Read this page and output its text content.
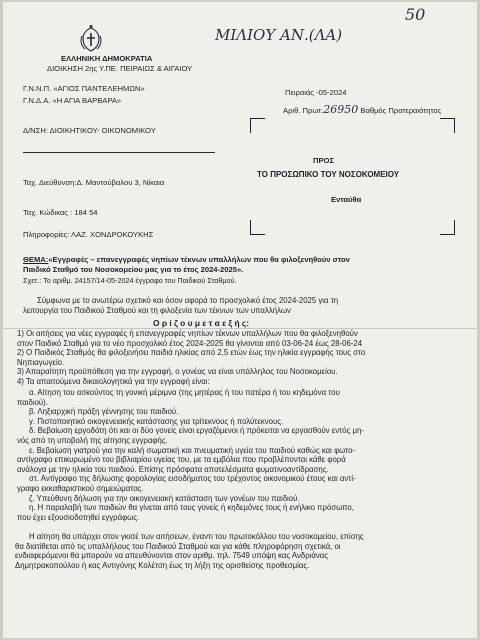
50
ΜΙΛΙΟΥ ΑΝ.(ΛΑ)
ΕΛΛΗΝΙΚΗ ΔΗΜΟΚΡΑΤΙΑ
ΔΙΟΙΚΗΣΗ 2ης Υ.ΠΕ. ΠΕΙΡΑΙΩΣ & ΑΙΓΑΙΟΥ
Γ.Ν.Ν.Π. «ΑΓΙΟΣ ΠΑΝΤΕΛΕΗΜΩΝ»
Γ.Ν.Δ.Α. «Η ΑΓΙΑ ΒΑΡΒΑΡΑ»
Δ/ΝΣΗ: ΔΙΟΙΚΗΤΙΚΟΥ- ΟΙΚΟΝΟΜΙΚΟΥ
Πειραιάς -05-2024
Αριθ. Πρωτ.26950 Βαθμός Προτεραιότητος
ΠΡΟΣ
ΤΟ ΠΡΟΣΩΠΙΚΟ ΤΟΥ ΝΟΣΟΚΟΜΕΙΟΥ
Ενταύθα
Ταχ. Διεύθυνση:Δ. Μαντούβαλου 3, Νίκαια
Ταχ. Κώδικας : 184 54
Πληροφορίες: ΛΑΖ. ΧΟΝΔΡΟΚΟΥΚΗΣ
ΘΕΜΑ:«Εγγραφές – επανεγγραφές νηπίων τέκνων υπαλλήλων που θα φιλοξενηθούν στον
Παιδικό Σταθμό του Νοσοκομείου μας για το έτος 2024-2025».
Σχετ.: Το αριθμ. 24157/14-05-2024 έγγραφο του Παιδικού Σταθμού.
Σύμφωνα με το ανωτέρω σχετικό και όσον αφορά το προσχολικό έτος 2024-2025 για τη
λειτουργία του Παιδικού Σταθμού και τη φιλοξενία των τέκνων των υπαλλήλων
Ο ρ ί ζ ο υ μ ε τ α ε ξ ή ς:
1) Οι αιτήσεις για νέες εγγραφές ή επανεγγραφές νηπίων τέκνων υπαλλήλων που θα φιλοξενηθούν
στον Παιδικό Σταθμό για το νέο προσχολικό έτος 2024-2025 θα γίνονται από 03-06-24 έως 28-06-24
2) Ο Παιδικός Σταθμός θα φιλοξενήσει παιδιά ηλικίας από 2,5 ετών έως την ηλικία εγγραφής τους στο
Νηπιαγωγείο.
3) Απαραίτητη προϋπόθεση για την εγγραφή, ο γονέας να είναι υπάλληλος του Νοσοκομείου.
4) Τα απαιτούμενα δικαιολογητικά για την εγγραφή είναι:
α. Αίτηση του ασκούντος τη γονική μέριμνα (της μητέρας ή του πατέρα ή του κηδεμόνα του
παιδιού).
β. Ληξιαρχική πράξη γέννησης του παιδιού.
γ. Πιστοποιητικό οικογενειακής κατάστασης για τρίτεκνους ή πολύτεκνους.
δ. Βεβαίωση εργοδότη ότι και οι δύο γονείς είναι εργαζόμενοι ή πρόκειται να εργασθούν εντός μη-
νός από τη υποβολή της αίτησης εγγραφής.
ε. Βεβαίωση γιατρού για την καλή σωματική και πνευματική υγεία του παιδιού καθώς και φωτο-
αντίγραφο επικυρωμένο του βιβλιαρίου υγείας του, με τα εμβόλια που προβλέπονται κάθε φορά
ανάλογα με την ηλικία του παιδιού. Επίσης πρόσφατα αποτελέσματα φυματινοαντίδρασης.
στ. Αντίγραφο της δήλωσης φορολογίας εισοδήματος του τρέχοντος οικονομικού έτους και αντί-
γραφο εκκαθαριστικού σημειώματος.
ζ. Υπεύθυνη δήλωση για την οικογενειακή κατάσταση των γονέων του παιδιού.
η. Η παραλαβή των παιδιών θα γίνεται από τους γονείς ή κηδεμόνες τους ή ενήλικο πρόσωπο,
που έχει εξουσιοδοτηθεί εγγράφως.
Η αίτηση θα υπάρχει στον γκισέ των αιτήσεων, έναντι του πρωτοκόλλου του νοσοκομείου, επίσης
θα διατίθεται από τις υπαλλήλους του Παιδικού Σταθμού και για κάθε πληροφόρηση σχετικά, οι
ενδιαφερόμενοι θα μπορούν να απευθύνονται στον αριθμ. τηλ. 7549 υπόψη κας Ανδριάνας
Δημητρακοπούλου ή κας Αντιγόνης Κολέτση έως τη λήξη της ορισθείσης προθεσμίας.
